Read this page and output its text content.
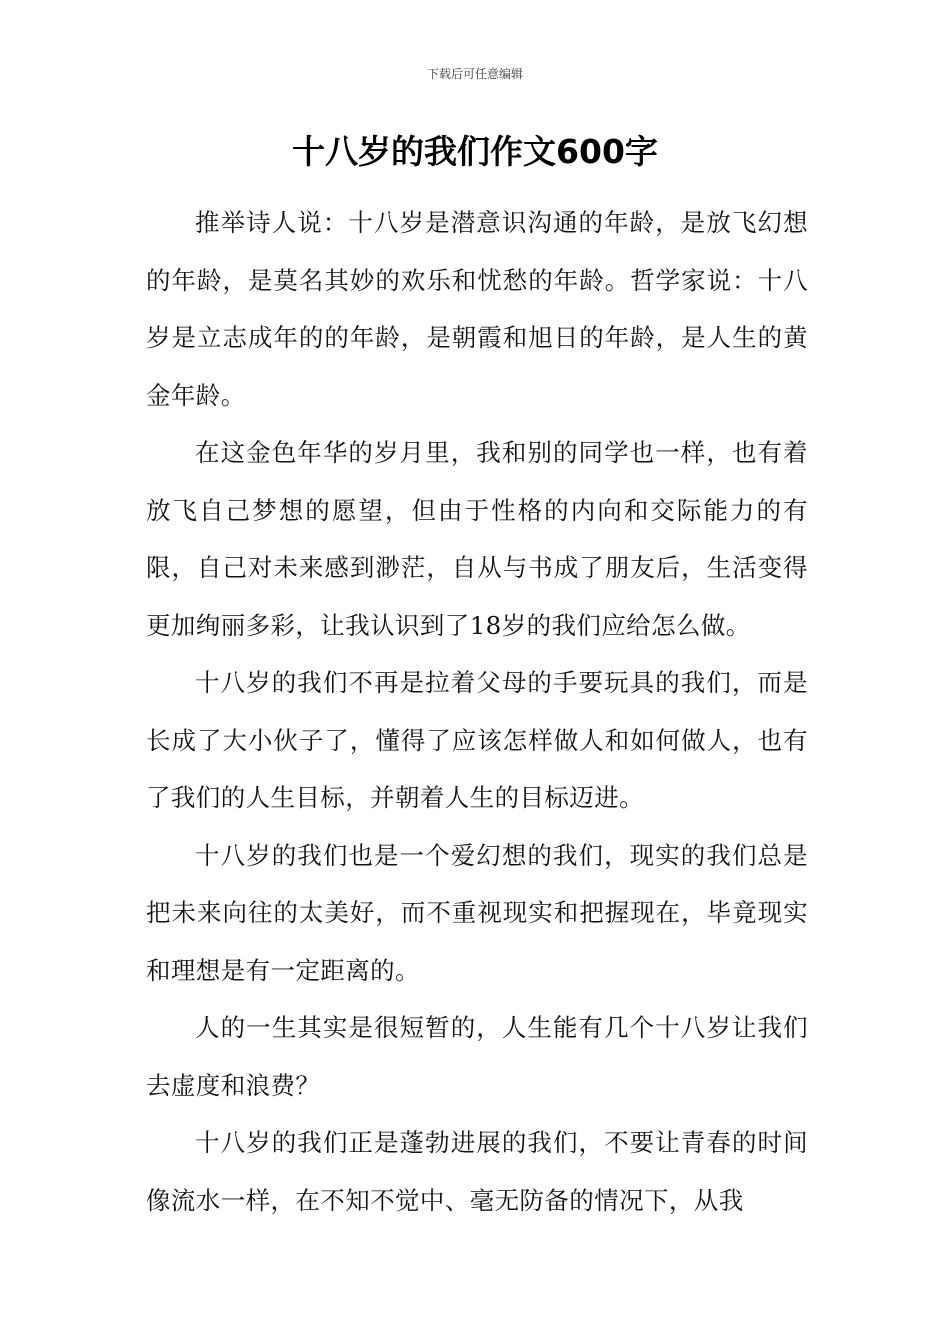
下载后可任意编辑
十八岁的我们作文600字

推举诗人说：十八岁是潜意识沟通的年龄，是放飞幻想的年龄，是莫名其妙的欢乐和忧愁的年龄。哲学家说：十八岁是立志成年的的年龄，是朝霞和旭日的年龄，是人生的黄金年龄。

在这金色年华的岁月里，我和别的同学也一样，也有着放飞自己梦想的愿望，但由于性格的内向和交际能力的有限，自己对未来感到渺茫，自从与书成了朋友后，生活变得更加绚丽多彩，让我认识到了18岁的我们应给怎么做。

十八岁的我们不再是拉着父母的手要玩具的我们，而是长成了大小伙子了，懂得了应该怎样做人和如何做人，也有了我们的人生目标，并朝着人生的目标迈进。

十八岁的我们也是一个爱幻想的我们，现实的我们总是把未来向往的太美好，而不重视现实和把握现在，毕竟现实和理想是有一定距离的。

人的一生其实是很短暂的，人生能有几个十八岁让我们去虚度和浪费？

十八岁的我们正是蓬勃进展的我们，不要让青春的时间像流水一样，在不知不觉中、毫无防备的情况下，从我
